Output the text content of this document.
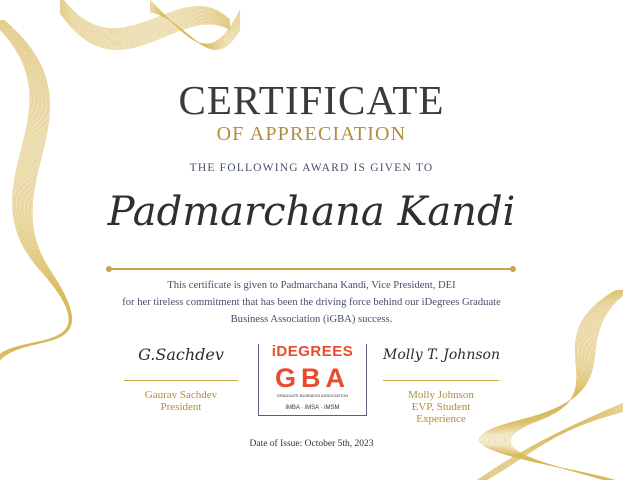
CERTIFICATE
OF APPRECIATION
THE FOLLOWING AWARD IS GIVEN TO
Padmarchana Kandi
This certificate is given to Padmarchana Kandi, Vice President, DEI
for her tireless commitment that has been the driving force behind our iDegrees Graduate
Business Association (iGBA) success.
G.Sachdev
Gaurav Sachdev
President
iDEGREES
GBA
GRADUATE BUSINESS ASSOCIATION
iMBA · iMSA · iMSM
Molly T. Johnson
Molly Johnson
EVP, Student
Experience
Date of Issue: October 5th, 2023
